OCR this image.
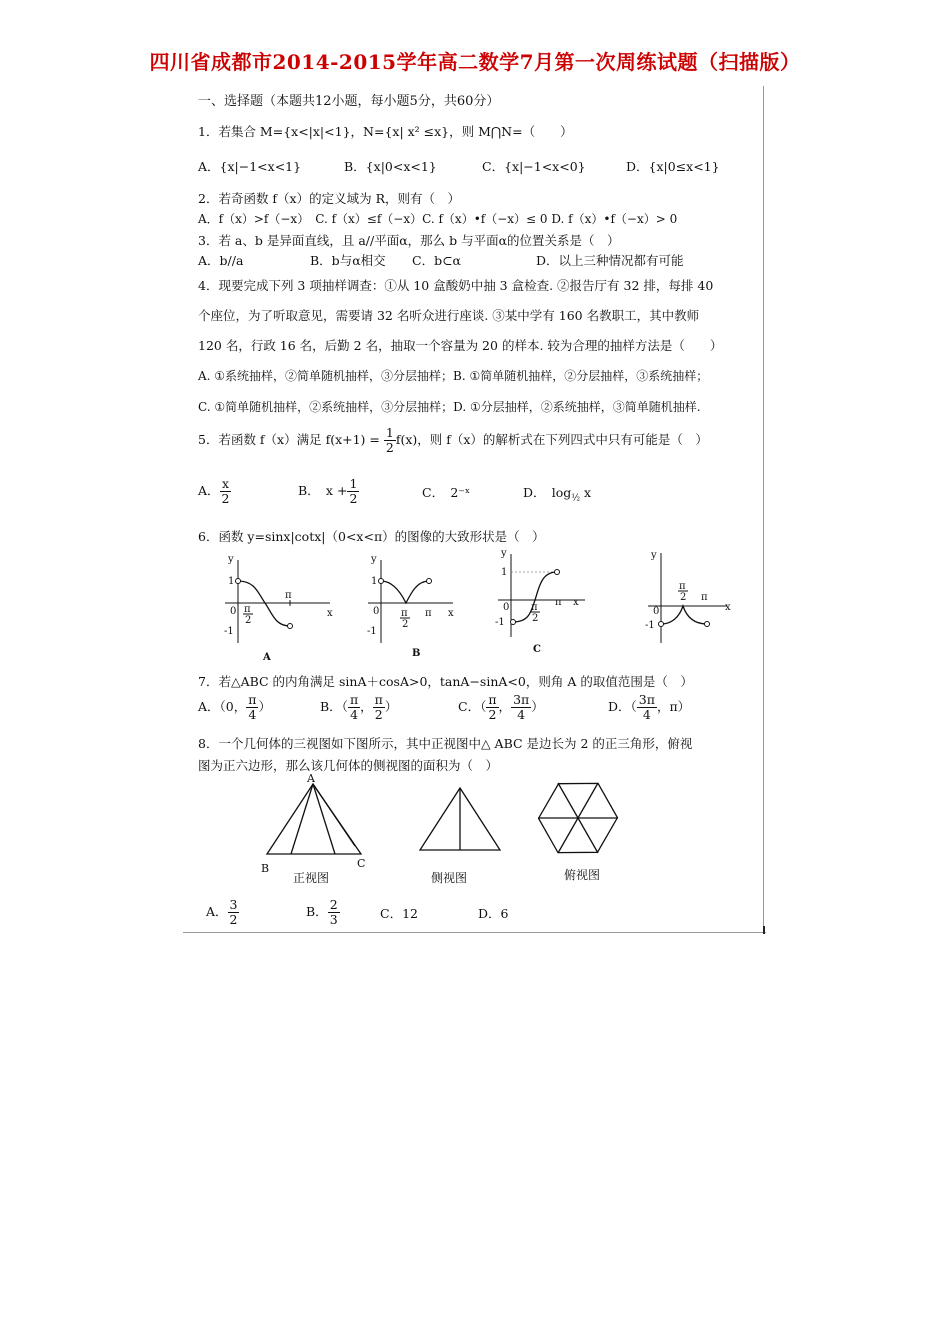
四川省成都市2014-2015学年高二数学7月第一次周练试题（扫描版）
一、选择题（本题共12小题，每小题5分，共60分）
1．若集合 M={x<|x|<1}，N={x| x² ≤x}，则 M⋂N=（　　）
A．{x|−1<x<1}	B．{x|0<x<1}	C．{x|−1<x<0}	D．{x|0≤x<1}
2．若奇函数 f（x）的定义域为 R，则有（　）
A．f（x）>f（−x）　C. f（x）≤f（−x）C. f（x）•f（−x）≤ 0 D. f（x）•f（−x）> 0
3．若 a、b 是异面直线，且 a//平面α，那么 b 与平面α的位置关系是（　）
A．b//a	B．b与α相交 C．b⊂α	D．以上三种情况都有可能
4．现要完成下列 3 项抽样调查：①从 10 盒酸奶中抽 3 盒检查. ②报告厅有 32 排，每排 40
个座位，为了听取意见，需要请 32 名听众进行座谈. ③某中学有 160 名教职工，其中教师
120 名，行政 16 名，后勤 2 名，抽取一个容量为 20 的样本. 较为合理的抽样方法是（　　）
A. ①系统抽样，②简单随机抽样，③分层抽样；B. ①简单随机抽样，②分层抽样，③系统抽样；
C. ①简单随机抽样，②系统抽样，③分层抽样；D. ①分层抽样，②系统抽样，③简单随机抽样.
5．若函数 f（x）满足 $f(x+1) = \frac{1}{2} f(x)$，则 f（x）的解析式在下列四式中只有可能是（　）
A． $\frac{x}{2}$	B．　$x + \frac{1}{2}$	C．　2⁻ˣ	D．　$\log_{\frac{1}{2}} x$
6．函数 y=sinx|cotx|（0<x<π）的图像的大致形状是（　）
y
1
0
-1
π
2
π
x
A
y
1
0
-1
π
2
π x
B
y
1
0
-1
π
2
π x
C
y
0
-1
π
2 π
x
7．若△ABC 的内角满足 sinA＋cosA>0，tanA−sinA<0，则角 A 的取值范围是（　）
A．（0， $\frac{\pi}{4}$ ）	B．（ $\frac{\pi}{4}$ ， $\frac{\pi}{2}$ ）	C．（ $\frac{\pi}{2}$ ， $\frac{3\pi}{4}$ ）	D．（ $\frac{3\pi}{4}$ ，π）
8．一个几何体的三视图如下图所示，其中正视图中△ ABC 是边长为 2 的正三角形，俯视
图为正六边形，那么该几何体的侧视图的面积为（　）
A
B	C
正视图	侧视图	俯视图
A． $\frac{3}{2}$	B． $\frac{2}{3}$	C．12	D．6
